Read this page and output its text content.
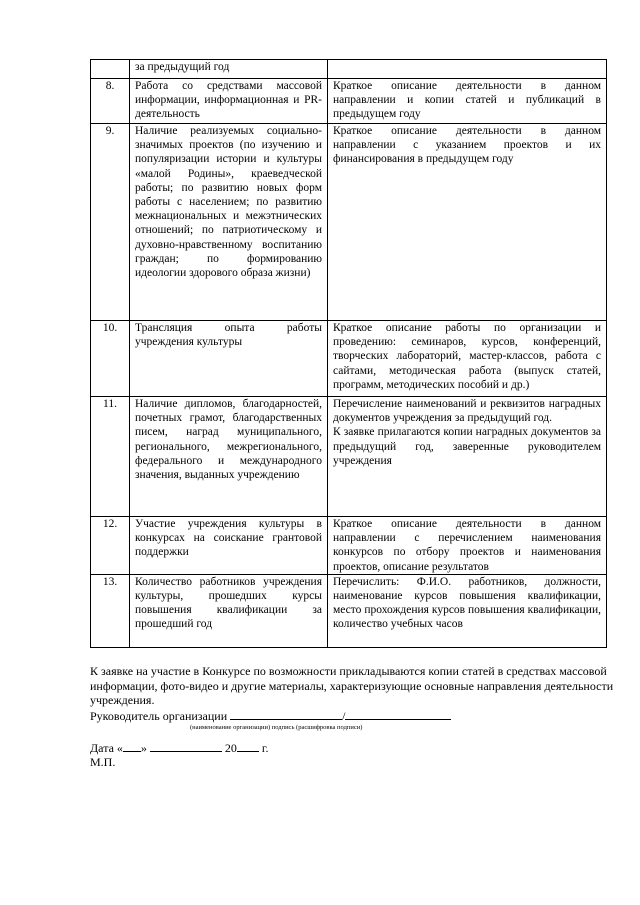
	за предыдущий год	
8.	Работа со средствами массовой информации, информационная и PR-деятельность	Краткое описание деятельности в данном направлении и копии статей и публикаций в предыдущем году
9.	Наличие реализуемых социально-значимых проектов (по изучению и популяризации истории и культуры «малой Родины», краеведческой работы; по развитию новых форм работы с населением; по развитию межнациональных и межэтнических отношений; по патриотическому и духовно-нравственному воспитанию граждан; по формированию идеологии здорового образа жизни)	Краткое описание деятельности в данном направлении с указанием проектов и их финансирования в предыдущем году
10.	Трансляция опыта работы учреждения культуры	Краткое описание работы по организации и проведению: семинаров, курсов, конференций, творческих лабораторий, мастер-классов, работа с сайтами, методическая работа (выпуск статей, программ, методических пособий и др.)
11.	Наличие дипломов, благодарностей, почетных грамот, благодарственных писем, наград муниципального, регионального, межрегионального, федерального и международного значения, выданных учреждению	Перечисление наименований и реквизитов наградных документов учреждения за предыдущий год.
К заявке прилагаются копии наградных документов за предыдущий год, заверенные руководителем учреждения
12.	Участие учреждения культуры в конкурсах на соискание грантовой поддержки	Краткое описание деятельности в данном направлении с перечислением наименования конкурсов по отбору проектов и наименования проектов, описание результатов
13.	Количество работников учреждения культуры, прошедших курсы повышения квалификации за прошедший год	Перечислить: Ф.И.О. работников, должности, наименование курсов повышения квалификации, место прохождения курсов повышения квалификации, количество учебных часов

К заявке на участие в Конкурсе по возможности прикладываются копии статей в средствах массовой информации, фото-видео и другие материалы, характеризующие основные направления деятельности учреждения.

Руководитель организации	/
(наименование организации) подпись (расшифровка подписи)
Дата « »	20 г.
М.П.
